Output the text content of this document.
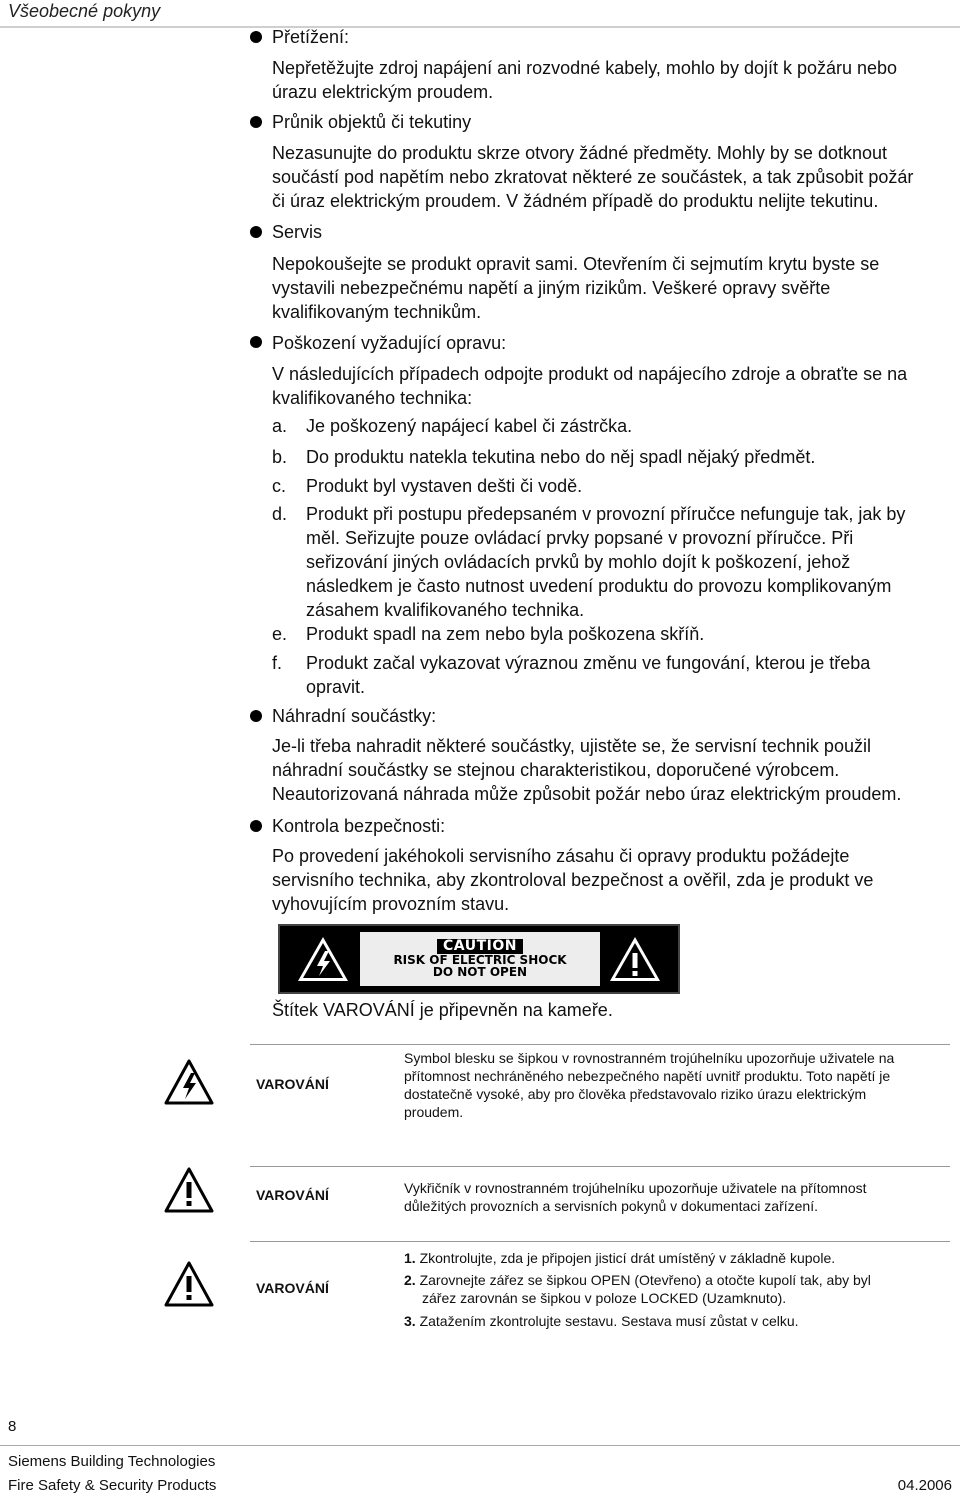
Všeobecné pokyny
Přetížení:
Nepřetěžujte zdroj napájení ani rozvodné kabely, mohlo by dojít k požáru nebo
úrazu elektrickým proudem.
Průnik objektů či tekutiny
Nezasunujte do produktu skrze otvory žádné předměty. Mohly by se dotknout
součástí pod napětím nebo zkratovat některé ze součástek, a tak způsobit požár
či úraz elektrickým proudem. V žádném případě do produktu nelijte tekutinu.
Servis
Nepokoušejte se produkt opravit sami. Otevřením či sejmutím krytu byste se
vystavili nebezpečnému napětí a jiným rizikům. Veškeré opravy svěřte
kvalifikovaným technikům.
Poškození vyžadující opravu:
V následujících případech odpojte produkt od napájecího zdroje a obraťte se na
kvalifikovaného technika:
a. Je poškozený napájecí kabel či zástrčka.
b. Do produktu natekla tekutina nebo do něj spadl nějaký předmět.
c. Produkt byl vystaven dešti či vodě.
d. Produkt při postupu předepsaném v provozní příručce nefunguje tak, jak by
měl. Seřizujte pouze ovládací prvky popsané v provozní příručce. Při
seřizování jiných ovládacích prvků by mohlo dojít k poškození, jehož
následkem je často nutnost uvedení produktu do provozu komplikovaným
zásahem kvalifikovaného technika.
e. Produkt spadl na zem nebo byla poškozena skříň.
f. Produkt začal vykazovat výraznou změnu ve fungování, kterou je třeba
opravit.
Náhradní součástky:
Je-li třeba nahradit některé součástky, ujistěte se, že servisní technik použil
náhradní součástky se stejnou charakteristikou, doporučené výrobcem.
Neautorizovaná náhrada může způsobit požár nebo úraz elektrickým proudem.
Kontrola bezpečnosti:
Po provedení jakéhokoli servisního zásahu či opravy produktu požádejte
servisního technika, aby zkontroloval bezpečnost a ověřil, zda je produkt ve
vyhovujícím provozním stavu.
CAUTION
RISK OF ELECTRIC SHOCK
DO NOT OPEN
Štítek VAROVÁNÍ je připevněn na kameře.
VAROVÁNÍ
Symbol blesku se šipkou v rovnostranném trojúhelníku upozorňuje uživatele na
přítomnost nechráněného nebezpečného napětí uvnitř produktu. Toto napětí je
dostatečně vysoké, aby pro člověka představovalo riziko úrazu elektrickým
proudem.
VAROVÁNÍ	Vykřičník v rovnostranném trojúhelníku upozorňuje uživatele na přítomnost
důležitých provozních a servisních pokynů v dokumentaci zařízení.
VAROVÁNÍ
1. Zkontrolujte, zda je připojen jisticí drát umístěný v základně kupole.
2. Zarovnejte zářez se šipkou OPEN (Otevřeno) a otočte kupolí tak, aby byl
zářez zarovnán se šipkou v poloze LOCKED (Uzamknuto).
3. Zatažením zkontrolujte sestavu. Sestava musí zůstat v celku.
8
Siemens Building Technologies
Fire Safety & Security Products	04.2006
